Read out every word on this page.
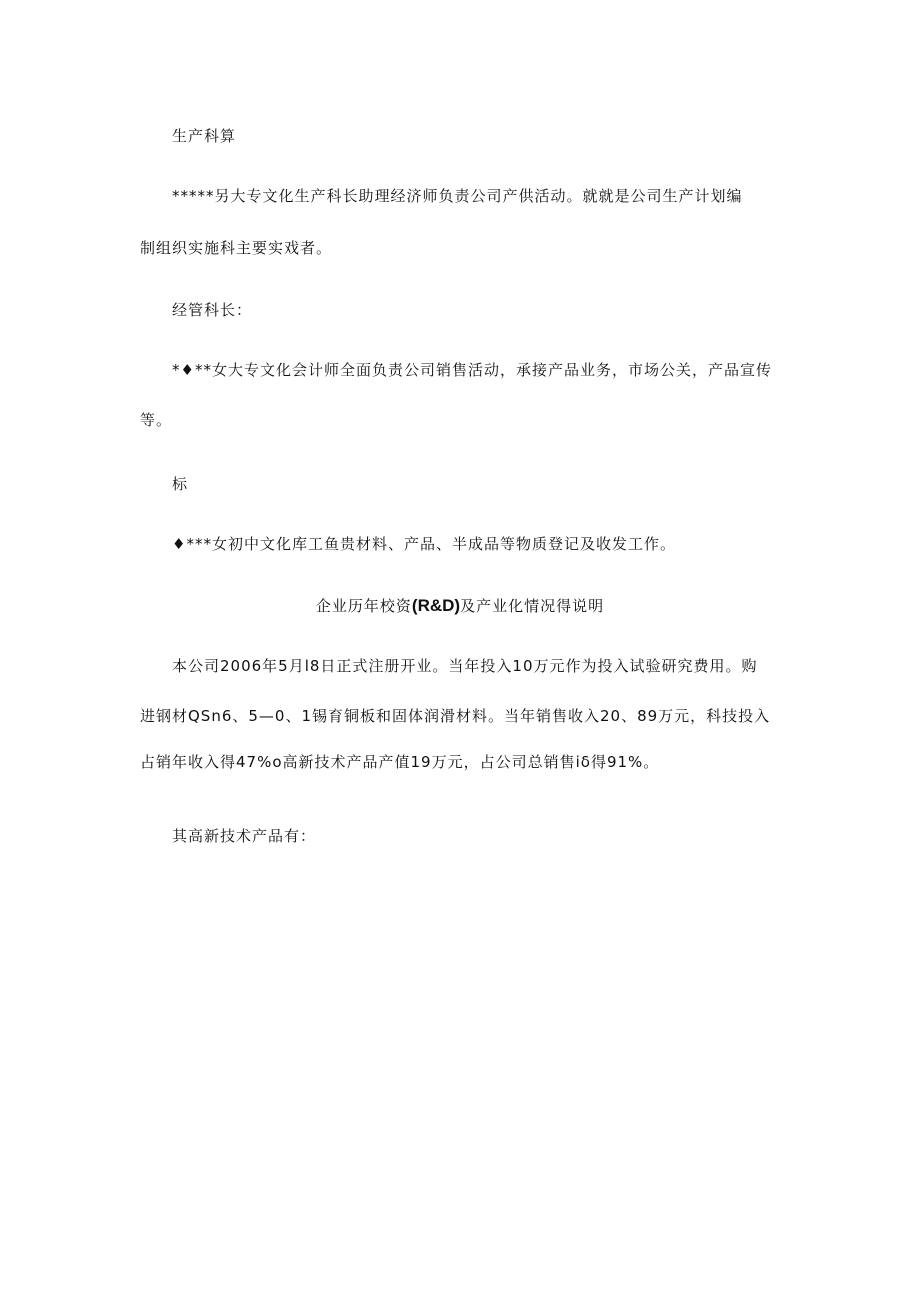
生产科算
*****另大专文化生产科长助理经济师负责公司产供活动。就就是公司生产计划编
制组织实施科主要实戏者。
经管科长：
*♦**女大专文化会计师全面负责公司销售活动，承接产品业务，市场公关，产品宣传
等。
标
♦***女初中文化库工鱼贵材料、产品、半成品等物质登记及收发工作。
企业历年校资(R&D)及产业化情况得说明
本公司2006年5月l8日正式注册开业。当年投入10万元作为投入试验研究费用。购
进钢材QSn6、5—0、1锡育铜板和固体润滑材料。当年销售收入20、89万元，科技投入
占销年收入得47%o高新技术产品产值19万元，占公司总销售iδ得91%。
其高新技术产品有：
